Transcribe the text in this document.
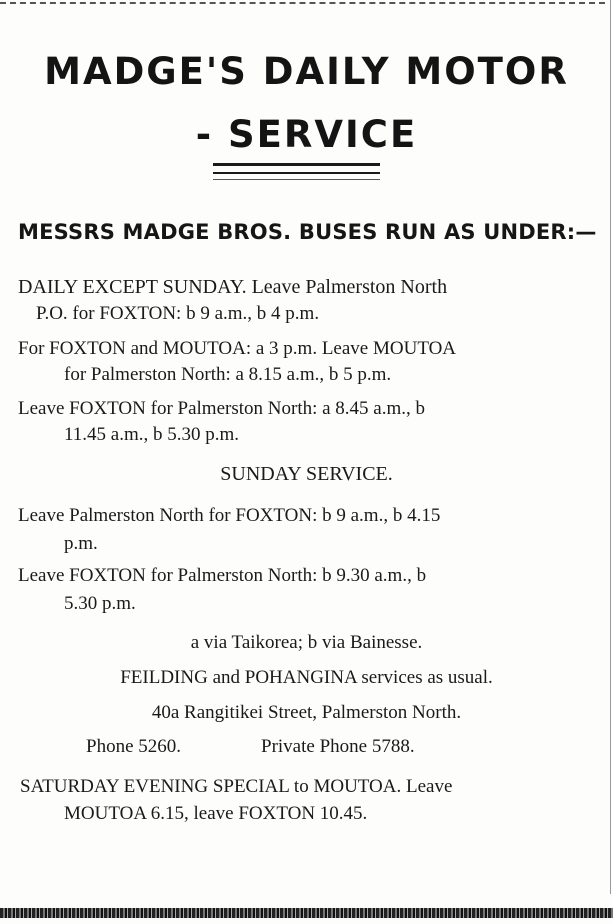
MADGE'S DAILY MOTOR
- SERVICE
MESSRS MADGE BROS. BUSES RUN AS UNDER:—

DAILY EXCEPT SUNDAY. Leave Palmerston North

P.O. for FOXTON: b 9 a.m., b 4 p.m.

For FOXTON and MOUTOA: a 3 p.m. Leave MOUTOA

for Palmerston North: a 8.15 a.m., b 5 p.m.

Leave FOXTON for Palmerston North: a 8.45 a.m., b

11.45 a.m., b 5.30 p.m.

SUNDAY SERVICE.

Leave Palmerston North for FOXTON: b 9 a.m., b 4.15

p.m.

Leave FOXTON for Palmerston North: b 9.30 a.m., b

5.30 p.m.

a via Taikorea; b via Bainesse.

FEILDING and POHANGINA services as usual.

40a Rangitikei Street, Palmerston North.

Phone 5260.	Private Phone 5788.

SATURDAY EVENING SPECIAL to MOUTOA. Leave

MOUTOA 6.15, leave FOXTON 10.45.
